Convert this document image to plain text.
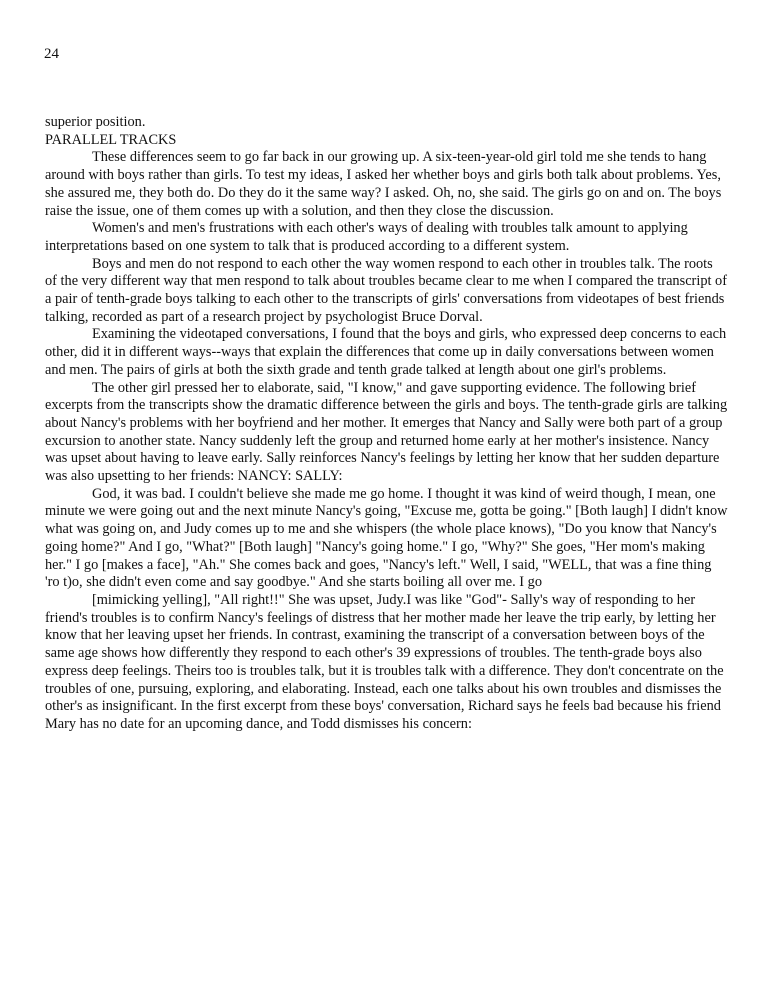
24

superior position.

PARALLEL TRACKS

These differences seem to go far back in our growing up. A six-teen-year-old girl told me she tends to hang around with boys rather than girls. To test my ideas, I asked her whether boys and girls both talk about problems. Yes, she assured me, they both do. Do they do it the same way? I asked. Oh, no, she said. The girls go on and on. The boys raise the issue, one of them comes up with a solution, and then they close the discussion.

Women's and men's frustrations with each other's ways of dealing with troubles talk amount to applying interpretations based on one system to talk that is produced according to a different system.

Boys and men do not respond to each other the way women respond to each other in troubles talk. The roots of the very different way that men respond to talk about troubles became clear to me when I compared the transcript of a pair of tenth-grade boys talking to each other to the transcripts of girls' conversations from videotapes of best friends talking, recorded as part of a research project by psychologist Bruce Dorval.

Examining the videotaped conversations, I found that the boys and girls, who expressed deep concerns to each other, did it in different ways--ways that explain the differences that come up in daily conversations between women and men. The pairs of girls at both the sixth grade and tenth grade talked at length about one girl's problems.

The other girl pressed her to elaborate, said, "I know," and gave supporting evidence. The following brief excerpts from the transcripts show the dramatic difference between the girls and boys. The tenth-grade girls are talking about Nancy's problems with her boyfriend and her mother. It emerges that Nancy and Sally were both part of a group excursion to another state. Nancy suddenly left the group and returned home early at her mother's insistence. Nancy was upset about having to leave early. Sally reinforces Nancy's feelings by letting her know that her sudden departure was also upsetting to her friends: NANCY: SALLY:

God, it was bad. I couldn't believe she made me go home. I thought it was kind of weird though, I mean, one minute we were going out and the next minute Nancy's going, "Excuse me, gotta be going." [Both laugh] I didn't know what was going on, and Judy comes up to me and she whispers (the whole place knows), "Do you know that Nancy's going home?" And I go, "What?" [Both laugh] "Nancy's going home." I go, "Why?" She goes, "Her mom's making her." I go [makes a face], "Ah." She comes back and goes, "Nancy's left." Well, I said, "WELL, that was a fine thing 'ro t)o, she didn't even come and say goodbye." And she starts boiling all over me. I go

[mimicking yelling], "All right!!" She was upset, Judy.I was like "God"- Sally's way of responding to her friend's troubles is to confirm Nancy's feelings of distress that her mother made her leave the trip early, by letting her know that her leaving upset her friends. In contrast, examining the transcript of a conversation between boys of the same age shows how differently they respond to each other's 39 expressions of troubles. The tenth-grade boys also express deep feelings. Theirs too is troubles talk, but it is troubles talk with a difference. They don't concentrate on the troubles of one, pursuing, exploring, and elaborating. Instead, each one talks about his own troubles and dismisses the other's as insignificant. In the first excerpt from these boys' conversation, Richard says he feels bad because his friend Mary has no date for an upcoming dance, and Todd dismisses his concern:
